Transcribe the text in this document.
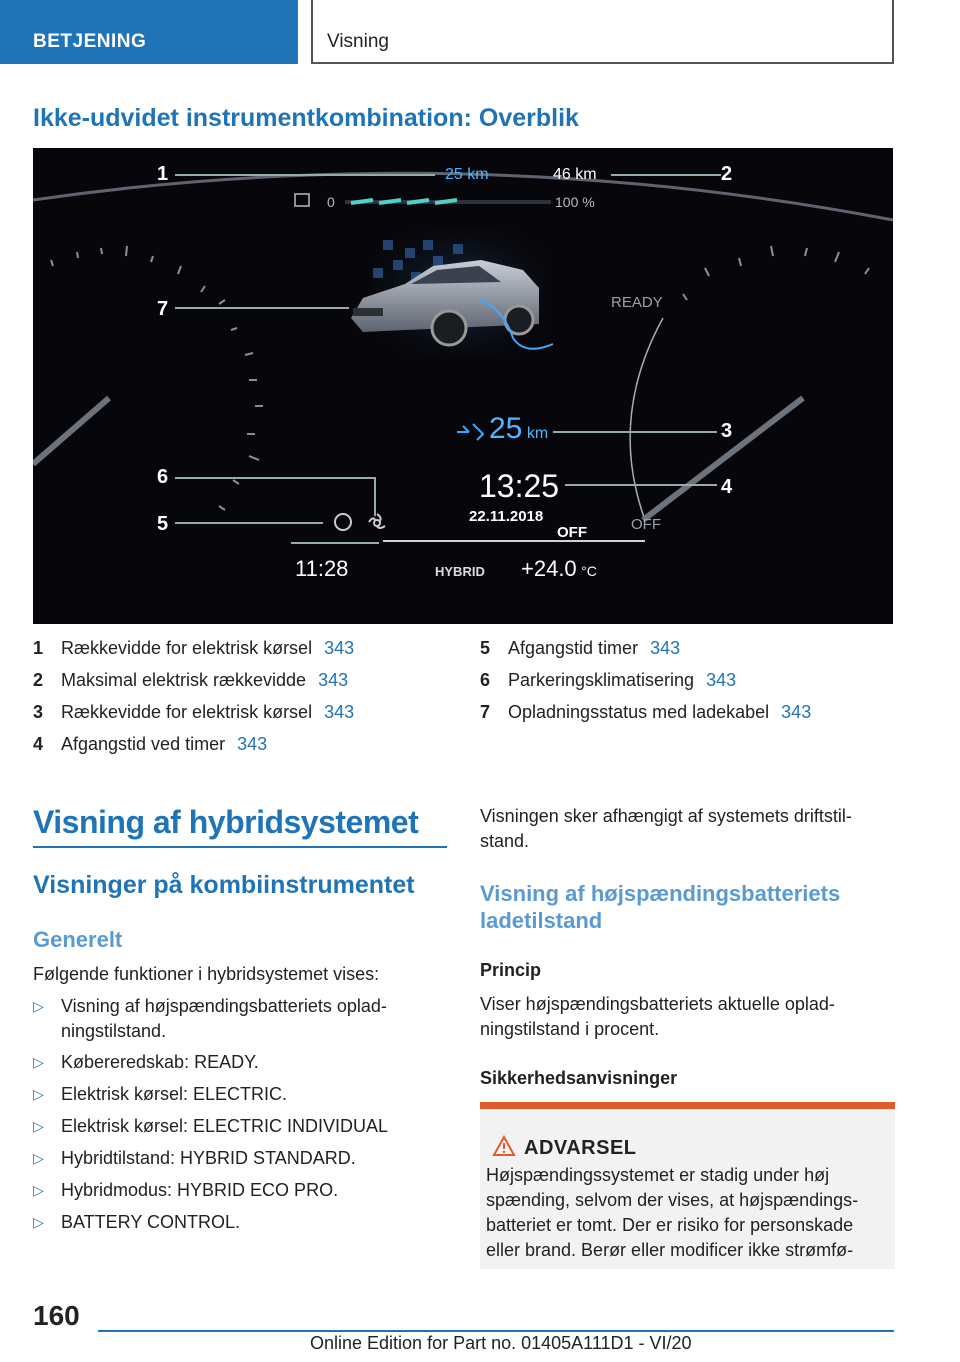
BETJENING	Visning
Ikke-udvidet instrumentkombination: Overblik
1	2
3
4
5
6
7
25 km	46 km
0	100 %
READY
25 km
13:25
22.11.2018
OFF	OFF
11:28	HYBRID +24.0 °C
1 Rækkevidde for elektrisk kørsel 343
2 Maksimal elektrisk rækkevidde 343
3 Rækkevidde for elektrisk kørsel 343
4 Afgangstid ved timer 343
5 Afgangstid timer 343
6 Parkeringsklimatisering 343
7 Opladningsstatus med ladekabel 343
Visning af hybridsystemet
Visninger på kombiinstrumentet
Generelt
Følgende funktioner i hybridsystemet vises:
▷ Visning af højspændingsbatteriets oplad-
ningstilstand.
▷ Købereredskab: READY.
▷ Elektrisk kørsel: ELECTRIC.
▷ Elektrisk kørsel: ELECTRIC INDIVIDUAL
▷ Hybridtilstand: HYBRID STANDARD.
▷ Hybridmodus: HYBRID ECO PRO.
▷ BATTERY CONTROL.
Visningen sker afhængigt af systemets driftstil-
stand.
Visning af højspændingsbatteriets
ladetilstand
Princip
Viser højspændingsbatteriets aktuelle oplad-
ningstilstand i procent.
Sikkerhedsanvisninger
ADVARSEL
Højspændingssystemet er stadig under høj
spænding, selvom der vises, at højspændings-
batteriet er tomt. Der er risiko for personskade
eller brand. Berør eller modificer ikke strømfø-
160
Online Edition for Part no. 01405A111D1 - VI/20
